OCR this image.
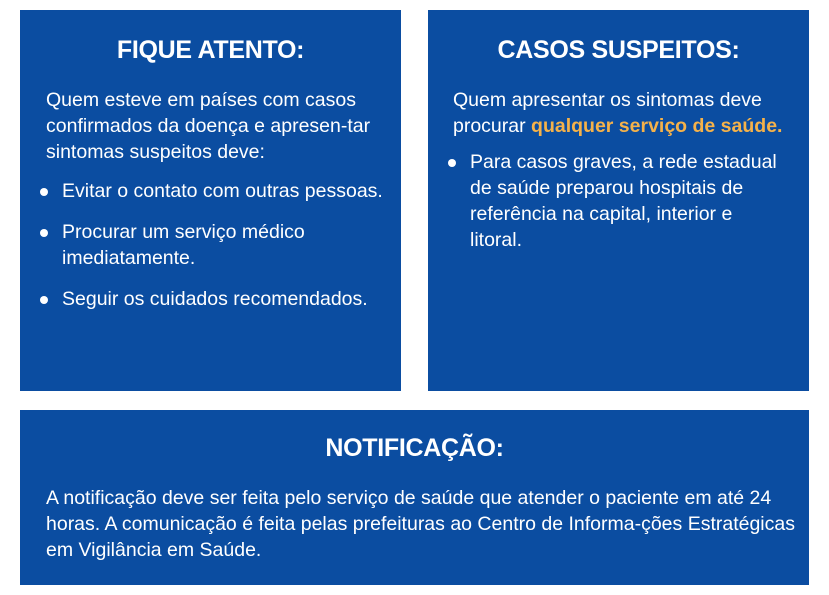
FIQUE ATENTO:
Quem esteve em países com casos confirmados da doença e apresen-tar sintomas suspeitos deve:
Evitar o contato com outras pessoas.
Procurar um serviço médico imediatamente.
Seguir os cuidados recomendados.
CASOS SUSPEITOS:
Quem apresentar os sintomas deve procurar qualquer serviço de saúde.
Para casos graves, a rede estadual de saúde preparou hospitais de referência na capital, interior e litoral.
NOTIFICAÇÃO:
A notificação deve ser feita pelo serviço de saúde que atender o paciente em até 24 horas. A comunicação é feita pelas prefeituras ao Centro de Informa-ções Estratégicas em Vigilância em Saúde.
